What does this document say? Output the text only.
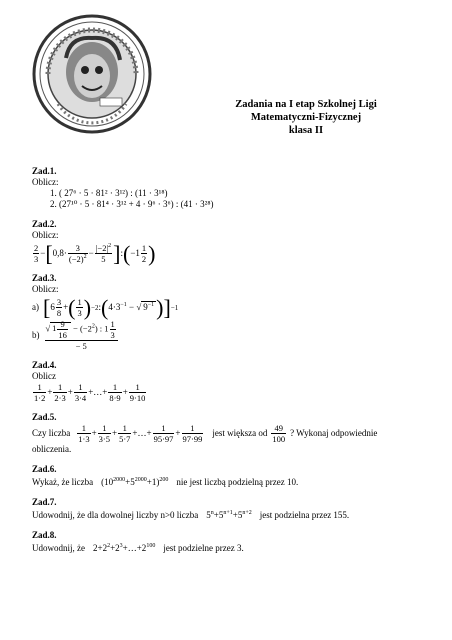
Zadania na I etap Szkolnej Ligi
Matematyczni-Fizycznej
klasa II
Zad.1.
Oblicz:
1. ( 27⁶ · 5 · 81² · 3¹²) : (11 · 3¹⁸)
2. (27¹⁰ · 5 · 81⁴ · 3¹² + 4 · 9⁶ · 3⁶) : (41 · 3²⁸)
Zad.2.
Oblicz:
$\frac{2}{3}$ − [ $0,8\cdot \frac{3}{(-2)^2} - \frac{|-2|^2}{5}$ ] : ( $-1 \frac{1}{2}$ )
Zad.3.
Oblicz:
a) [ $6 \frac{3}{8}$ + ( $\frac{1}{3}$ ) −2 : ( $4\cdot 3^{-1}$ − √ $9^{-1}$ ) ] −1
$b) \frac{√ 1 \frac{9}{16} - (-2^2) : 1 \frac{1}{3}}{- 5}$
Zad.4.
Oblicz
$\frac{1}{1\cdot 2} + \frac{1}{2\cdot 3} + \frac{1}{3\cdot 4}$ +…+ $\frac{1}{8\cdot 9} + \frac{1}{9\cdot 10}$
Zad.5.
Czy liczba $\frac{1}{1\cdot 3} + \frac{1}{3\cdot 5} + \frac{1}{5\cdot 7}$ +…+ $\frac{1}{95\cdot 97} + \frac{1}{97\cdot 99}$ jest większa od $\frac{49}{100}$ ? Wykonaj odpowiednie
obliczenia.
Zad.6.
Wykaż, że liczba $(10^{2000}+5^{2000}+1)^{200}$ nie jest liczbą podzielną przez 10.
Zad.7.
Udowodnij, że dla dowolnej liczby n>0 liczba $5^n+5^{n+1}+5^{n+2}$ jest podzielna przez 155.
Zad.8.
Udowodnij, że $2+2^2+2^3+\dots+2^{100}$ jest podzielne przez 3.
